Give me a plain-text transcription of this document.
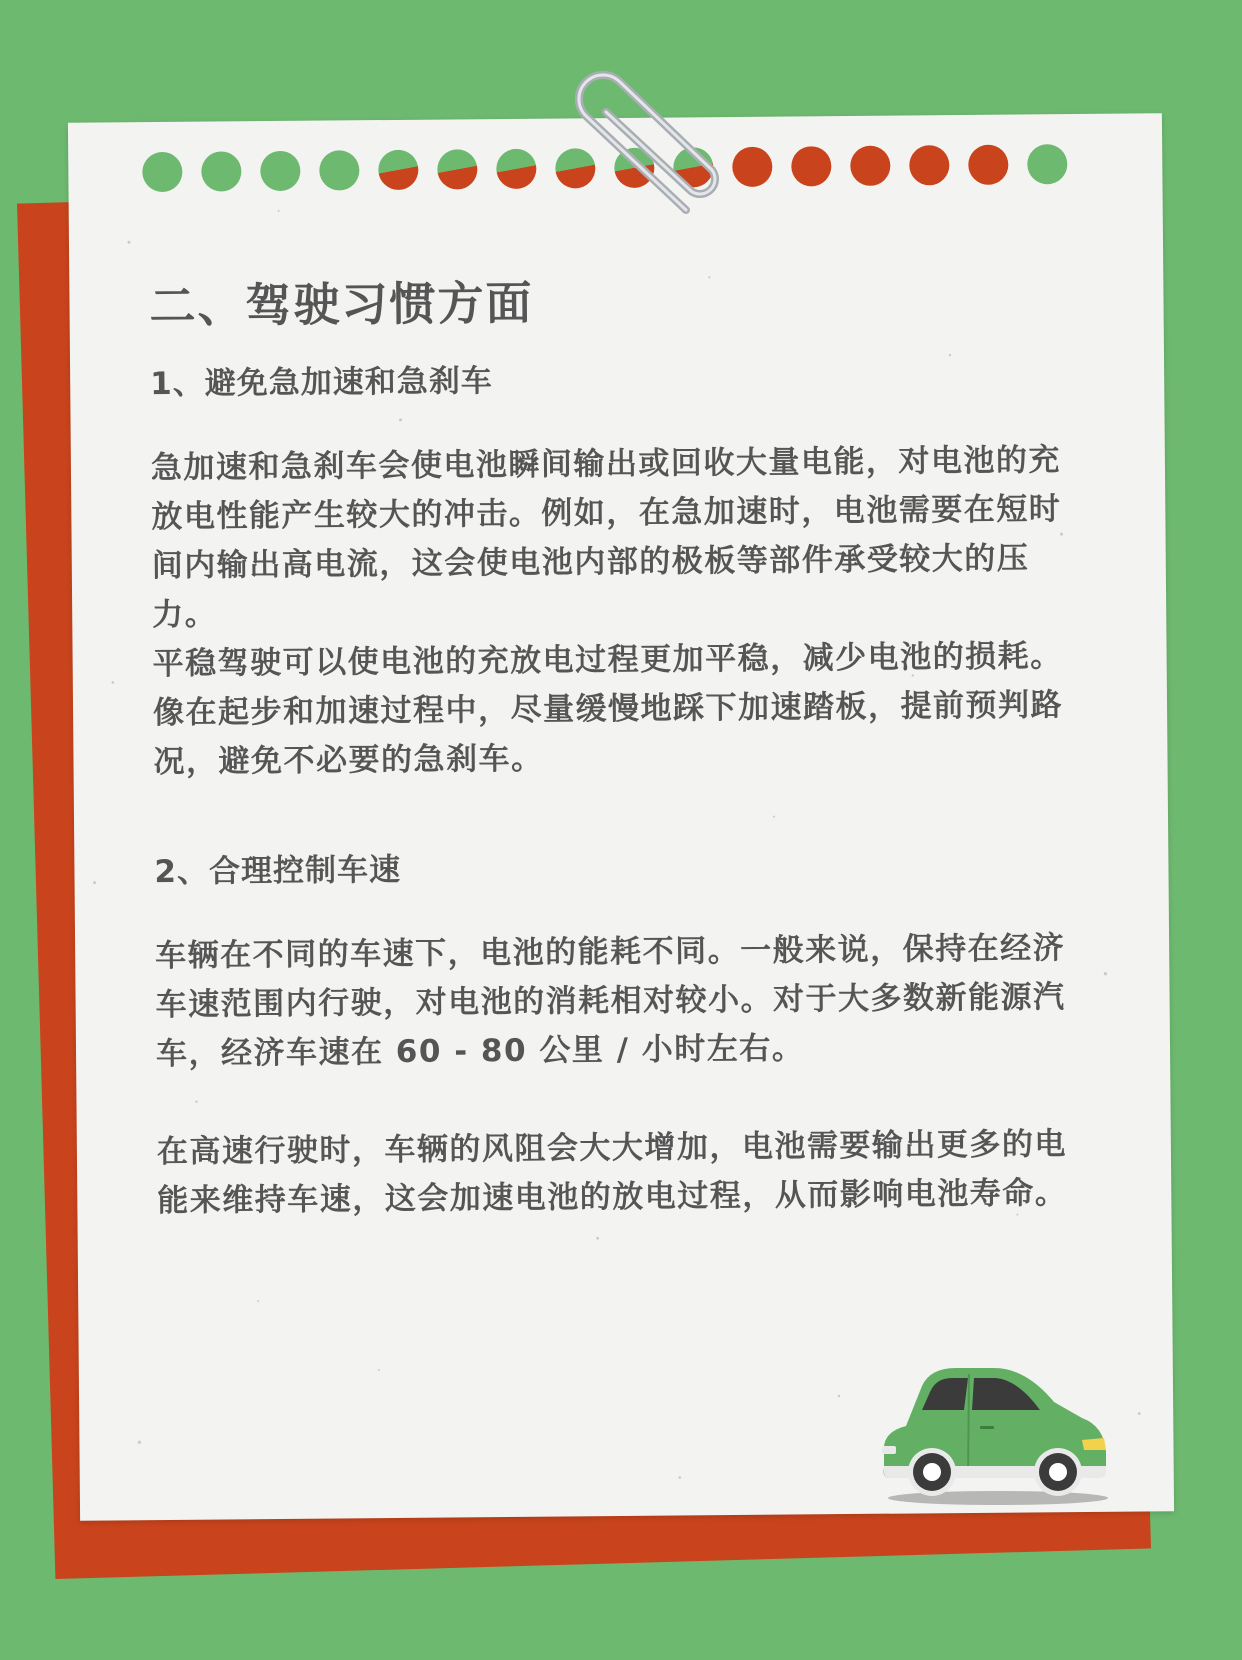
二、驾驶习惯方面
1、避免急加速和急刹车

急加速和急刹车会使电池瞬间输出或回收大量电能，对电池的充放电性能产生较大的冲击。例如，在急加速时，电池需要在短时间内输出高电流，这会使电池内部的极板等部件承受较大的压力。

平稳驾驶可以使电池的充放电过程更加平稳，减少电池的损耗。像在起步和加速过程中，尽量缓慢地踩下加速踏板，提前预判路况，避免不必要的急刹车。

2、合理控制车速

车辆在不同的车速下，电池的能耗不同。一般来说，保持在经济车速范围内行驶，对电池的消耗相对较小。对于大多数新能源汽车，经济车速在 60 - 80 公里 / 小时左右。

在高速行驶时，车辆的风阻会大大增加，电池需要输出更多的电能来维持车速，这会加速电池的放电过程，从而影响电池寿命。
